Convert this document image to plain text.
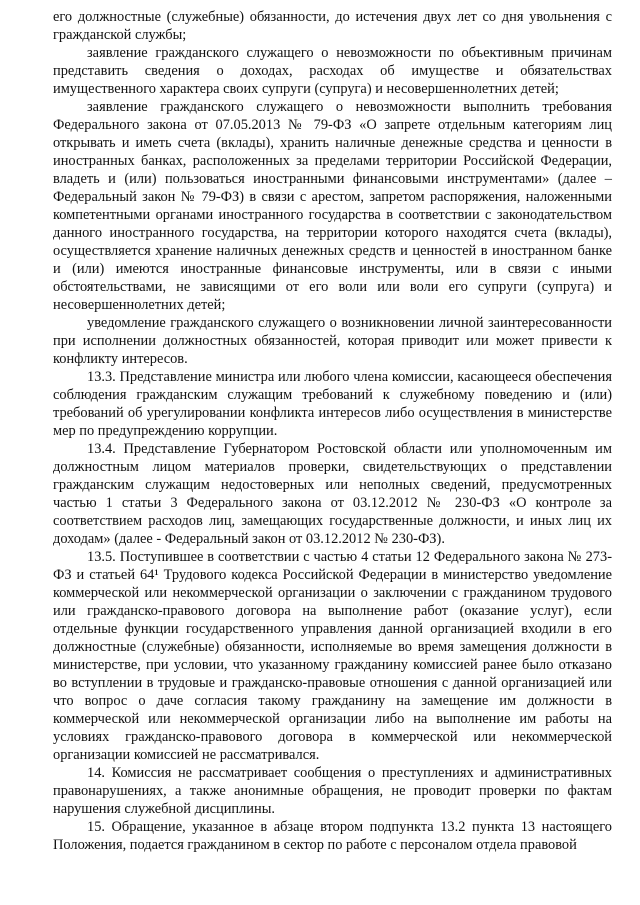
его должностные (служебные) обязанности, до истечения двух лет со дня увольнения с гражданской службы;

заявление гражданского служащего о невозможности по объективным причинам представить сведения о доходах, расходах об имуществе и обязательствах имущественного характера своих супруги (супруга) и несовершеннолетних детей;

заявление гражданского служащего о невозможности выполнить требования Федерального закона от 07.05.2013 № 79-ФЗ «О запрете отдельным категориям лиц открывать и иметь счета (вклады), хранить наличные денежные средства и ценности в иностранных банках, расположенных за пределами территории Российской Федерации, владеть и (или) пользоваться иностранными финансовыми инструментами» (далее – Федеральный закон № 79-ФЗ) в связи с арестом, запретом распоряжения, наложенными компетентными органами иностранного государства в соответствии с законодательством данного иностранного государства, на территории которого находятся счета (вклады), осуществляется хранение наличных денежных средств и ценностей в иностранном банке и (или) имеются иностранные финансовые инструменты, или в связи с иными обстоятельствами, не зависящими от его воли или воли его супруги (супруга) и несовершеннолетних детей;

уведомление гражданского служащего о возникновении личной заинтересованности при исполнении должностных обязанностей, которая приводит или может привести к конфликту интересов.

13.3. Представление министра или любого члена комиссии, касающееся обеспечения соблюдения гражданским служащим требований к служебному поведению и (или) требований об урегулировании конфликта интересов либо осуществления в министерстве мер по предупреждению коррупции.

13.4. Представление Губернатором Ростовской области или уполномоченным им должностным лицом материалов проверки, свидетельствующих о представлении гражданским служащим недостоверных или неполных сведений, предусмотренных частью 1 статьи 3 Федерального закона от 03.12.2012 № 230-ФЗ «О контроле за соответствием расходов лиц, замещающих государственные должности, и иных лиц их доходам» (далее - Федеральный закон от 03.12.2012 № 230-ФЗ).

13.5. Поступившее в соответствии с частью 4 статьи 12 Федерального закона № 273-ФЗ и статьей 64¹ Трудового кодекса Российской Федерации в министерство уведомление коммерческой или некоммерческой организации о заключении с гражданином трудового или гражданско-правового договора на выполнение работ (оказание услуг), если отдельные функции государственного управления данной организацией входили в его должностные (служебные) обязанности, исполняемые во время замещения должности в министерстве, при условии, что указанному гражданину комиссией ранее было отказано во вступлении в трудовые и гражданско-правовые отношения с данной организацией или что вопрос о даче согласия такому гражданину на замещение им должности в коммерческой или некоммерческой организации либо на выполнение им работы на условиях гражданско-правового договора в коммерческой или некоммерческой организации комиссией не рассматривался.

14. Комиссия не рассматривает сообщения о преступлениях и административных правонарушениях, а также анонимные обращения, не проводит проверки по фактам нарушения служебной дисциплины.

15. Обращение, указанное в абзаце втором подпункта 13.2 пункта 13 настоящего Положения, подается гражданином в сектор по работе с персоналом отдела правовой
